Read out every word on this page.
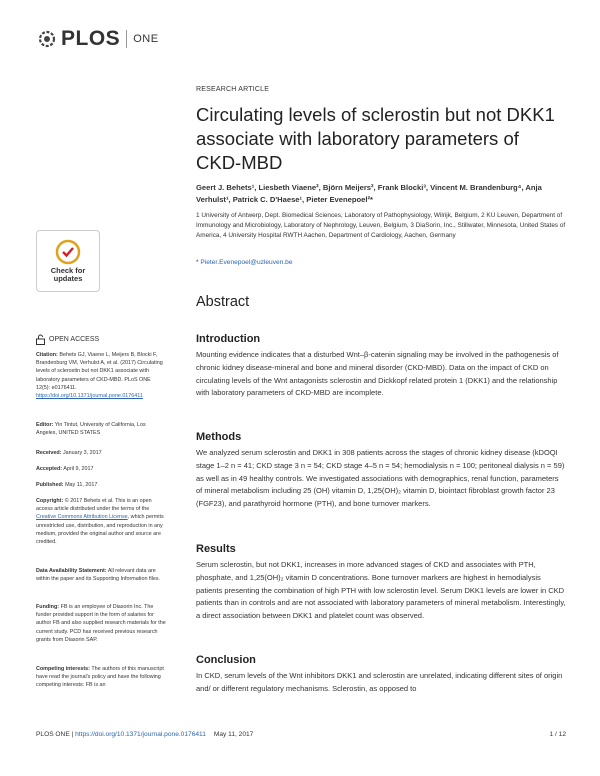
PLOS ONE
Check for
updates
OPEN ACCESS
Citation: Behets GJ, Viaene L, Meijers B, Blocki F, Brandenburg VM, Verhulst A, et al. (2017) Circulating levels of sclerostin but not DKK1 associate with laboratory parameters of CKD-MBD. PLoS ONE 12(5): e0176411. https://doi.org/10.1371/journal.pone.0176411
Editor: Yin Tintut, University of California, Los Angeles, UNITED STATES
Received: January 3, 2017
Accepted: April 9, 2017
Published: May 11, 2017
Copyright: © 2017 Behets et al. This is an open access article distributed under the terms of the Creative Commons Attribution License, which permits unrestricted use, distribution, and reproduction in any medium, provided the original author and source are credited.
Data Availability Statement: All relevant data are within the paper and its Supporting Information files.
Funding: FB is an employee of Diasorin Inc. The funder provided support in the form of salaries for author FB and also supplied research materials for the current study. PCD has received previous research grants from Diasorin SAP.
Competing interests: The authors of this manuscript have read the journal's policy and have the following competing interests: FB is an
RESEARCH ARTICLE
Circulating levels of sclerostin but not DKK1 associate with laboratory parameters of CKD-MBD
Geert J. Behets¹, Liesbeth Viaene², Björn Meijers², Frank Blocki³, Vincent M. Brandenburg⁴, Anja Verhulst¹, Patrick C. D'Haese¹, Pieter Evenepoel²*
1 University of Antwerp, Dept. Biomedical Sciences, Laboratory of Pathophysiology, Wilrijk, Belgium, 2 KU Leuven, Department of Immunology and Microbiology, Laboratory of Nephrology, Leuven, Belgium, 3 DiaSorin, Inc., Stillwater, Minnesota, United States of America, 4 University Hospital RWTH Aachen, Department of Cardiology, Aachen, Germany
* Pieter.Evenepoel@uzleuven.be
Abstract
Introduction
Mounting evidence indicates that a disturbed Wnt–β-catenin signaling may be involved in the pathogenesis of chronic kidney disease-mineral and bone and mineral disorder (CKD-MBD). Data on the impact of CKD on circulating levels of the Wnt antagonists sclerostin and Dickkopf related protein 1 (DKK1) and the relationship with laboratory parameters of CKD-MBD are incomplete.
Methods
We analyzed serum sclerostin and DKK1 in 308 patients across the stages of chronic kidney disease (kDOQI stage 1–2 n = 41; CKD stage 3 n = 54; CKD stage 4–5 n = 54; hemodialysis n = 100; peritoneal dialysis n = 59) as well as in 49 healthy controls. We investigated associations with demographics, renal function, parameters of mineral metabolism including 25 (OH) vitamin D, 1,25(OH)₂ vitamin D, biointact fibroblast growth factor 23 (FGF23), and parathyroid hormone (PTH), and bone turnover markers.
Results
Serum sclerostin, but not DKK1, increases in more advanced stages of CKD and associates with PTH, phosphate, and 1,25(OH)₂ vitamin D concentrations. Bone turnover markers are highest in hemodialysis patients presenting the combination of high PTH with low sclerostin level. Serum DKK1 levels are lower in CKD patients than in controls and are not associated with laboratory parameters of mineral metabolism. Interestingly, a direct association between DKK1 and platelet count was observed.
Conclusion
In CKD, serum levels of the Wnt inhibitors DKK1 and sclerostin are unrelated, indicating different sites of origin and/ or different regulatory mechanisms. Sclerostin, as opposed to
PLOS ONE | https://doi.org/10.1371/journal.pone.0176411 May 11, 2017	1 / 12
